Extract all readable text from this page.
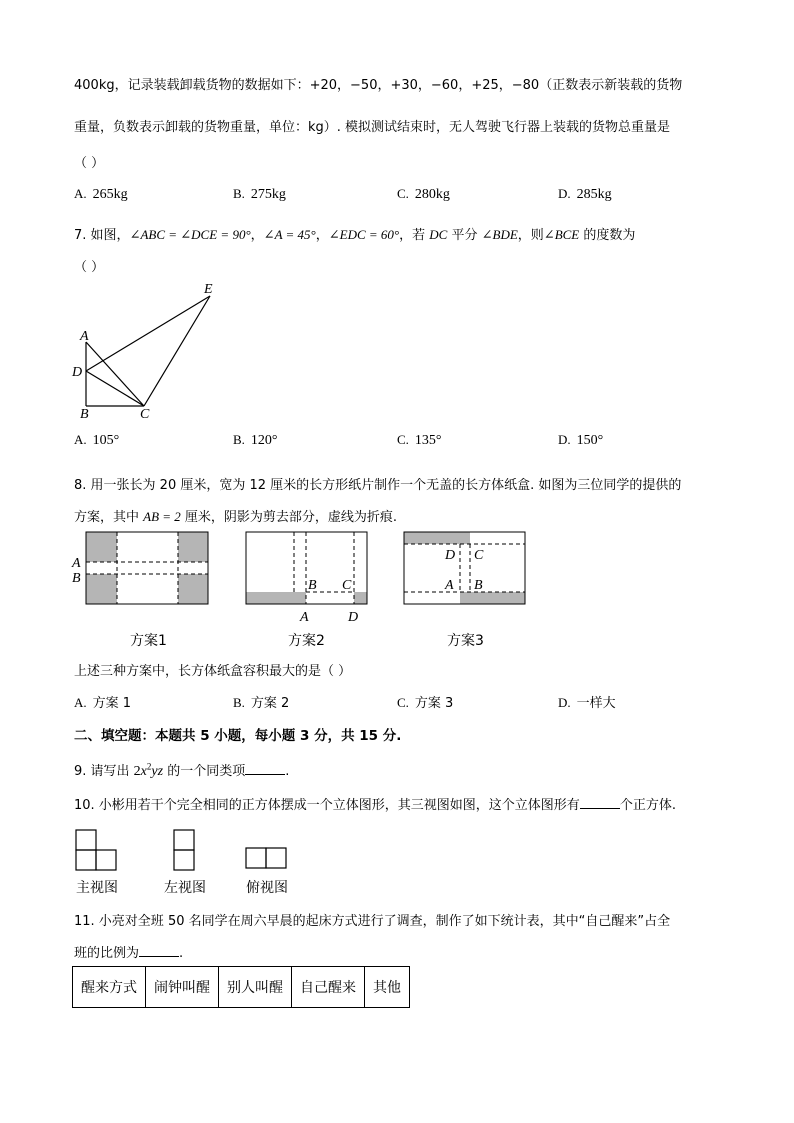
400kg，记录装载卸载货物的数据如下：+20，−50，+30，−60，+25，−80（正数表示新装载的货物
重量，负数表示卸载的货物重量，单位：kg）. 模拟测试结束时，无人驾驶飞行器上装载的货物总重量是
（ ）
A. 265kg	B. 275kg	C. 280kg	D. 285kg
7. 如图，∠ABC = ∠DCE = 90°，∠A = 45°，∠EDC = 60°，若 DC 平分 ∠BDE，则∠BCE 的度数为
（ ）
E
A
D
B	C
A. 105°	B. 120°	C. 135°	D. 150°
8. 用一张长为 20 厘米，宽为 12 厘米的长方形纸片制作一个无盖的长方体纸盒. 如图为三位同学的提供的
方案，其中 AB = 2 厘米，阴影为剪去部分，虚线为折痕.
A
B	B C
A	D
D C
A B
方案1	方案2	方案3
上述三种方案中，长方体纸盒容积最大的是（ ）
A. 方案 1	B. 方案 2	C. 方案 3	D. 一样大
二、填空题：本题共 5 小题，每小题 3 分，共 15 分.
9. 请写出 $2x^2yz$ 的一个同类项	.
10. 小彬用若干个完全相同的正方体摆成一个立体图形，其三视图如图，这个立体图形有	个正方体.
主视图	左视图	俯视图
11. 小亮对全班 50 名同学在周六早晨的起床方式进行了调查，制作了如下统计表，其中“自己醒来”占全
班的比例为	.
醒来方式	闹钟叫醒	别人叫醒	自己醒来	其他
